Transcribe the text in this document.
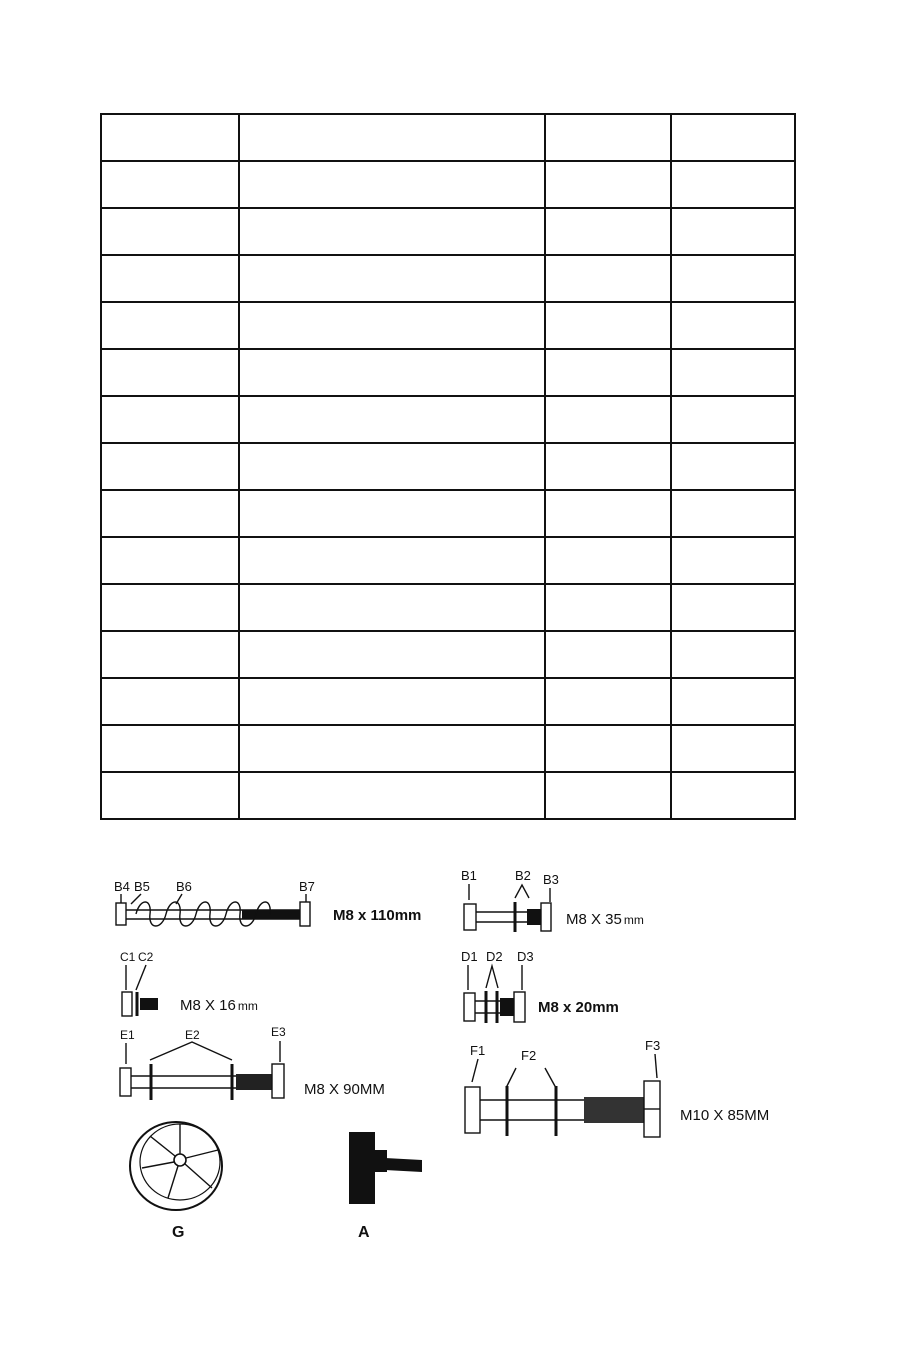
B4 B5 B6	B7
M8 x 110mm
B1	B2 B3
M8 X 35 mm
C1 C2
M8 X 16 mm
D1 D2 D3
M8 x 20mm
E1	E2	E3
M8 X 90MM
F1	F2
F3
M10 X 85MM
G	A
